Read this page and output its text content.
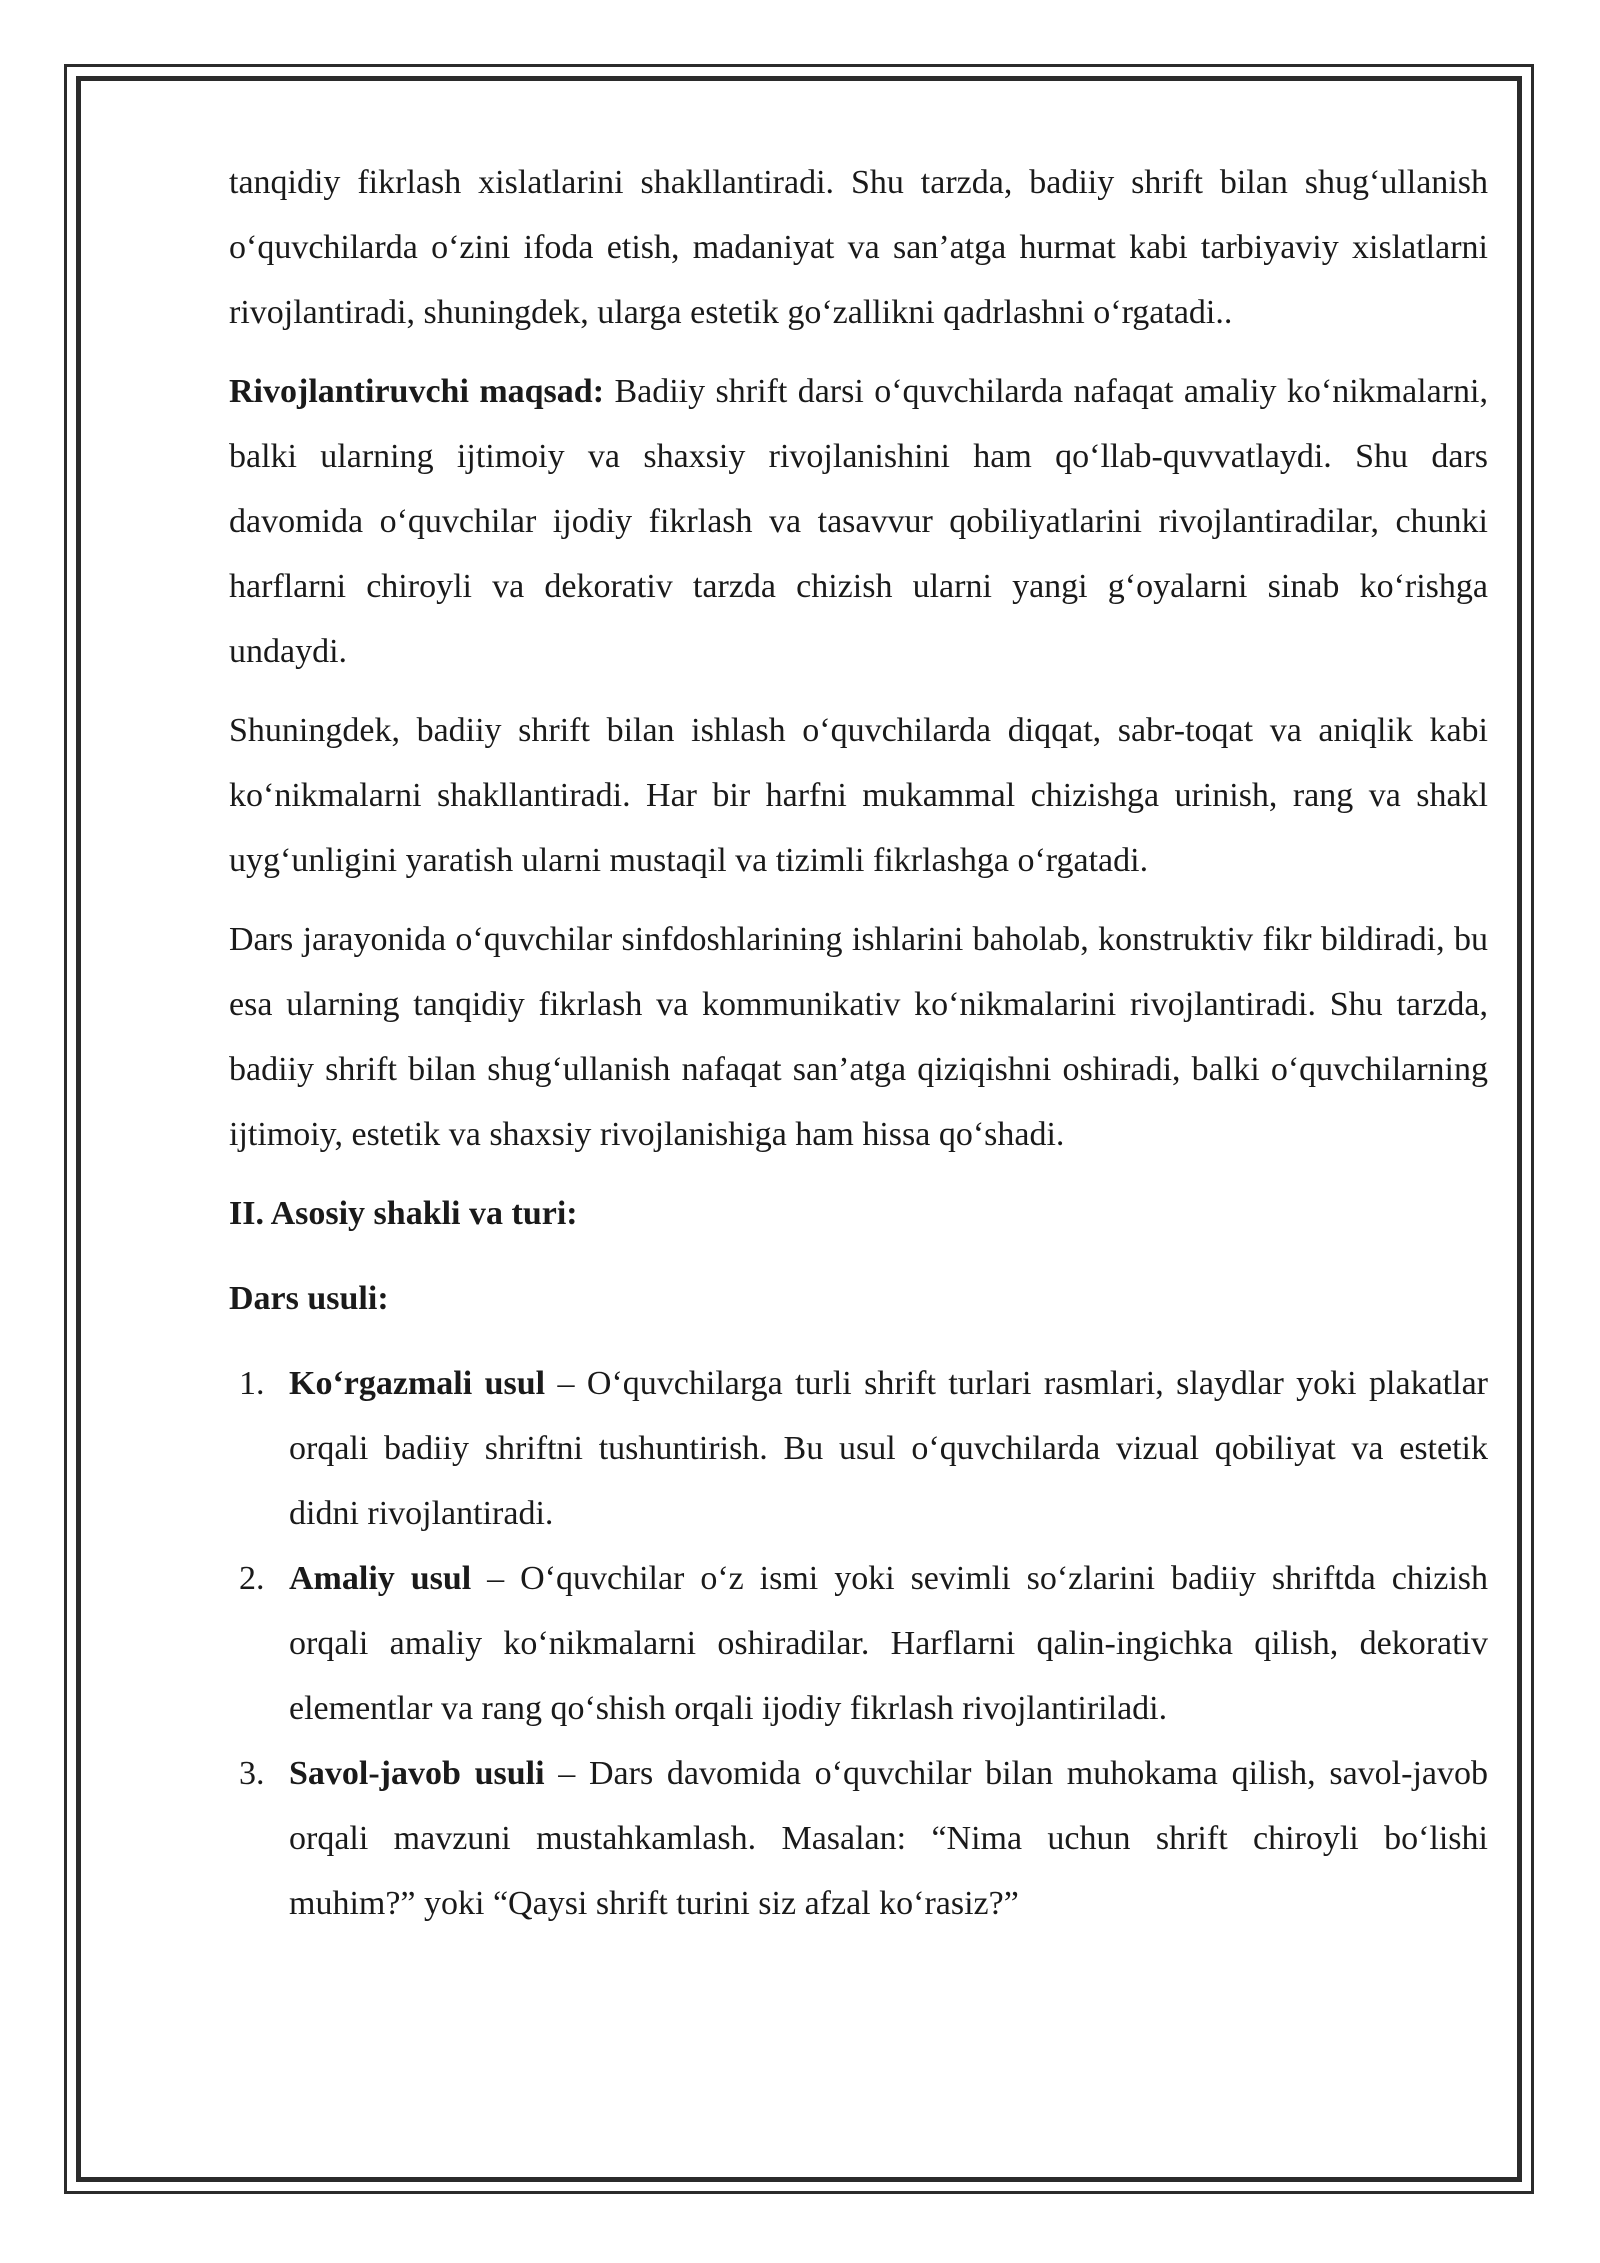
tanqidiy fikrlash xislatlarini shakllantiradi. Shu tarzda, badiiy shrift bilan shug‘ullanish o‘quvchilarda o‘zini ifoda etish, madaniyat va san’atga hurmat kabi tarbiyaviy xislatlarni rivojlantiradi, shuningdek, ularga estetik go‘zallikni qadrlashni o‘rgatadi..

Rivojlantiruvchi maqsad: Badiiy shrift darsi o‘quvchilarda nafaqat amaliy ko‘nikmalarni, balki ularning ijtimoiy va shaxsiy rivojlanishini ham qo‘llab-quvvatlaydi. Shu dars davomida o‘quvchilar ijodiy fikrlash va tasavvur qobiliyatlarini rivojlantiradilar, chunki harflarni chiroyli va dekorativ tarzda chizish ularni yangi g‘oyalarni sinab ko‘rishga undaydi.

Shuningdek, badiiy shrift bilan ishlash o‘quvchilarda diqqat, sabr-toqat va aniqlik kabi ko‘nikmalarni shakllantiradi. Har bir harfni mukammal chizishga urinish, rang va shakl uyg‘unligini yaratish ularni mustaqil va tizimli fikrlashga o‘rgatadi.

Dars jarayonida o‘quvchilar sinfdoshlarining ishlarini baholab, konstruktiv fikr bildiradi, bu esa ularning tanqidiy fikrlash va kommunikativ ko‘nikmalarini rivojlantiradi. Shu tarzda, badiiy shrift bilan shug‘ullanish nafaqat san’atga qiziqishni oshiradi, balki o‘quvchilarning ijtimoiy, estetik va shaxsiy rivojlanishiga ham hissa qo‘shadi.

II. Asosiy shakli va turi:
Dars usuli:
1. Ko‘rgazmali usul – O‘quvchilarga turli shrift turlari rasmlari, slaydlar yoki plakatlar orqali badiiy shriftni tushuntirish. Bu usul o‘quvchilarda vizual qobiliyat va estetik didni rivojlantiradi.
2. Amaliy usul – O‘quvchilar o‘z ismi yoki sevimli so‘zlarini badiiy shriftda chizish orqali amaliy ko‘nikmalarni oshiradilar. Harflarni qalin-ingichka qilish, dekorativ elementlar va rang qo‘shish orqali ijodiy fikrlash rivojlantiriladi.
3. Savol-javob usuli – Dars davomida o‘quvchilar bilan muhokama qilish, savol-javob orqali mavzuni mustahkamlash. Masalan: “Nima uchun shrift chiroyli bo‘lishi muhim?” yoki “Qaysi shrift turini siz afzal ko‘rasiz?”
